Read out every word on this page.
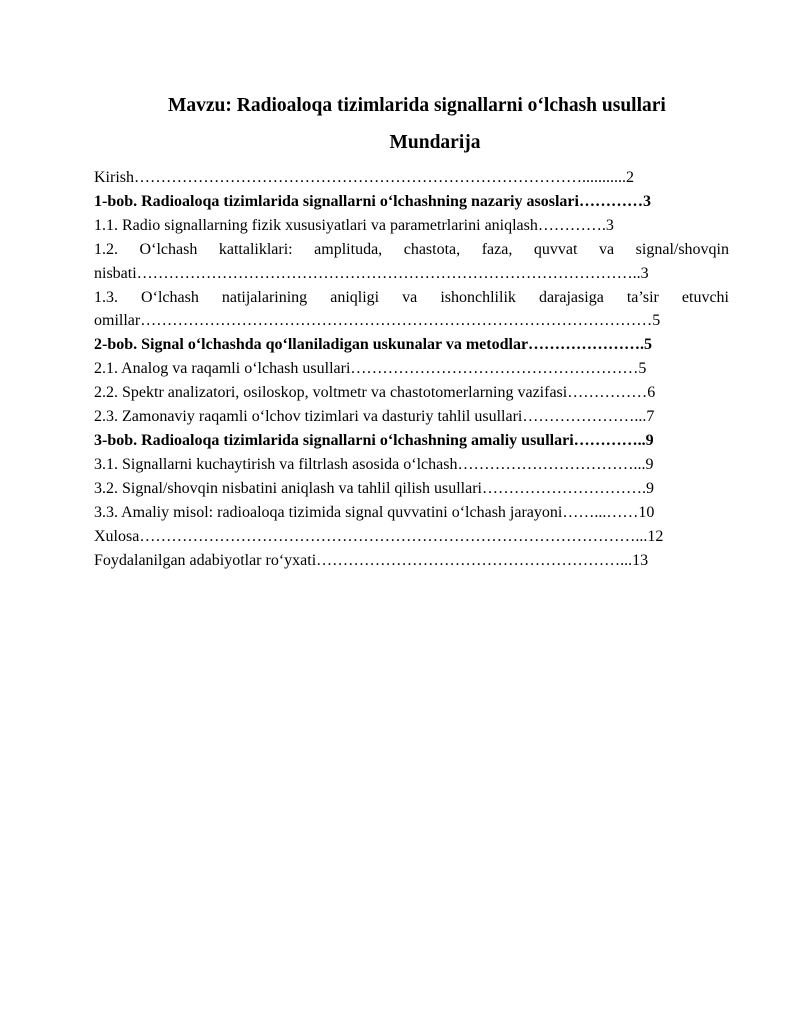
Mavzu: Radioaloqa tizimlarida signallarni o‘lchash usullari
Mundarija
Kirish…………………………………………………………………………...........2
1-bob. Radioaloqa tizimlarida signallarni o‘lchashning nazariy asoslari…………3
1.1. Radio signallarning fizik xususiyatlari va parametrlarini aniqlash………….3
1.2. O‘lchash kattaliklari: amplituda, chastota, faza, quvvat va signal/shovqin
nisbati…………………………………………………………………………………..3
1.3. O‘lchash natijalarining aniqligi va ishonchlilik darajasiga ta’sir etuvchi
omillar……………………………………………………………………………………5
2-bob. Signal o‘lchashda qo‘llaniladigan uskunalar va metodlar………………….5
2.1. Analog va raqamli o‘lchash usullari………………………………………………5
2.2. Spektr analizatori, osiloskop, voltmetr va chastotomerlarning vazifasi……………6
2.3. Zamonaviy raqamli o‘lchov tizimlari va dasturiy tahlil usullari…………………...7
3-bob. Radioaloqa tizimlarida signallarni o‘lchashning amaliy usullari…………..9
3.1. Signallarni kuchaytirish va filtrlash asosida o‘lchash……………………………...9
3.2. Signal/shovqin nisbatini aniqlash va tahlil qilish usullari………………………….9
3.3. Amaliy misol: radioaloqa tizimida signal quvvatini o‘lchash jarayoni……...……10
Xulosa…………………………………………………………………………………...12
Foydalanilgan adabiyotlar ro‘yxati…………………………………………………...13
